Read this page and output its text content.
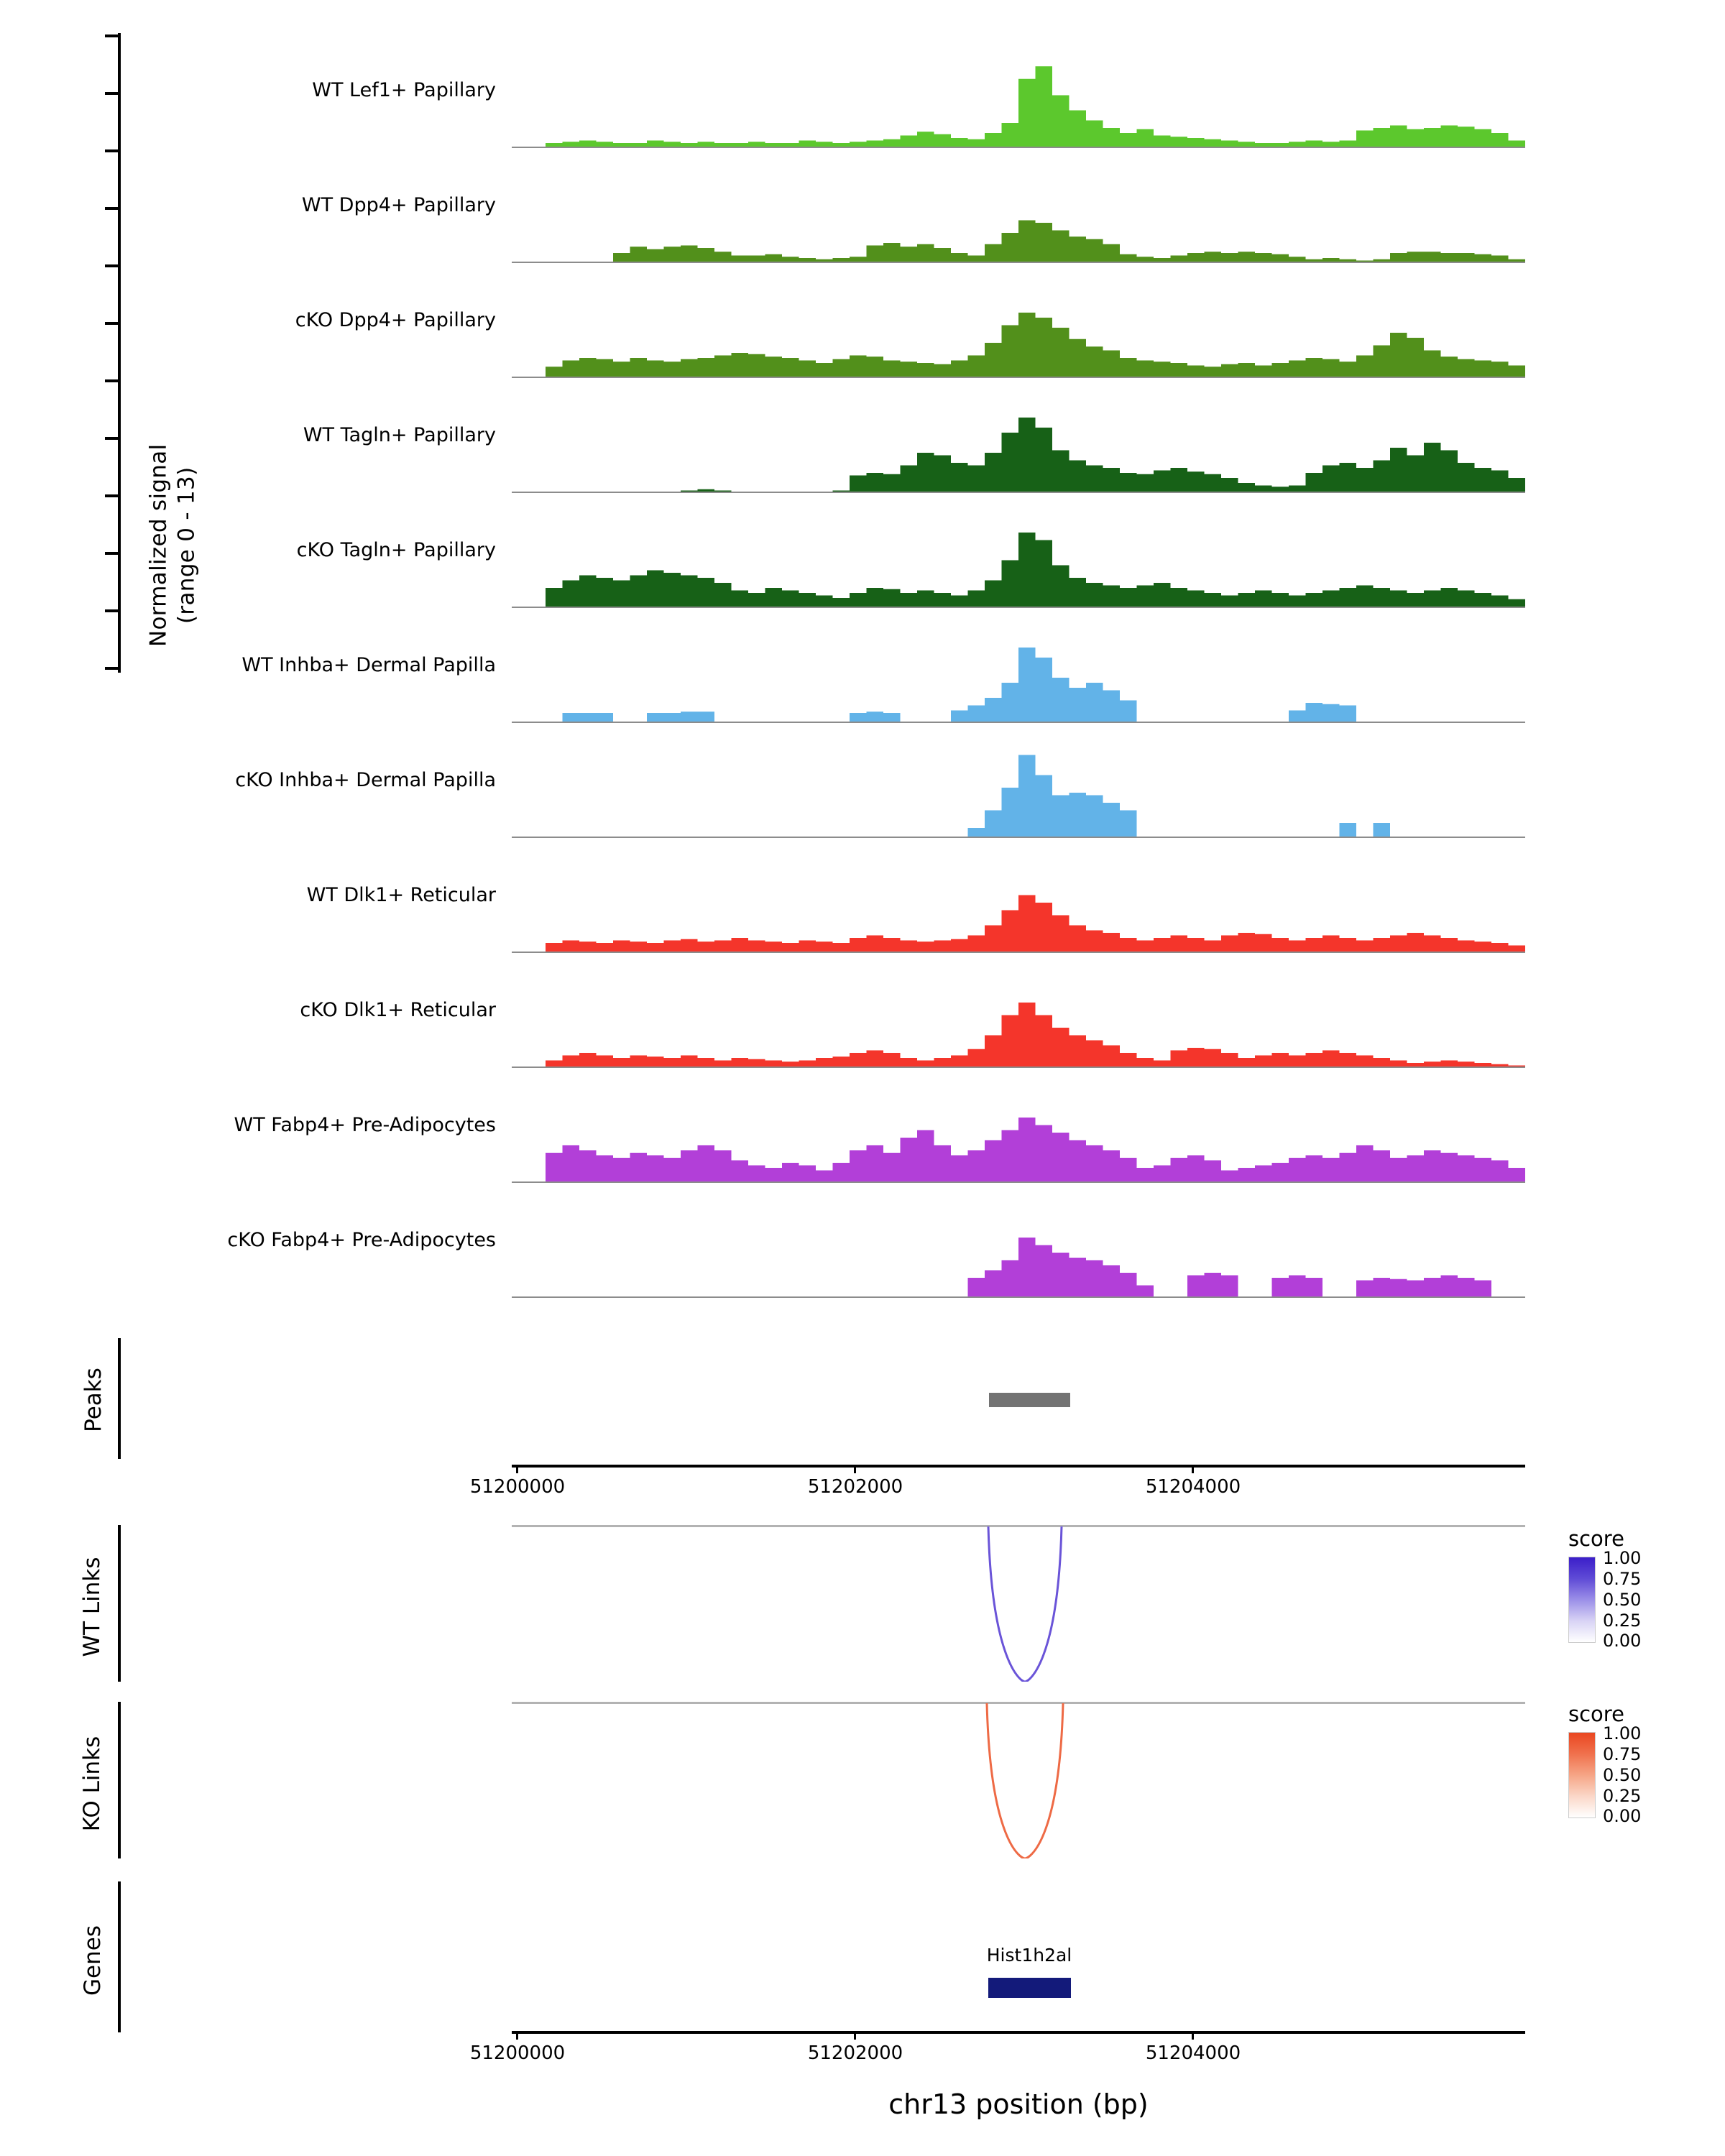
Normalized signal (range 0 - 13)
WT Lef1+ Papillary
WT Dpp4+ Papillary
cKO Dpp4+ Papillary
WT Tagln+ Papillary
cKO Tagln+ Papillary
WT Inhba+ Dermal Papilla
cKO Inhba+ Dermal Papilla
WT Dlk1+ Reticular
cKO Dlk1+ Reticular
WT Fabp4+ Pre-Adipocytes
cKO Fabp4+ Pre-Adipocytes
Peaks
51200000	51202000	51204000
WT Links
score
1.00
0.75
0.50
0.25
0.00
KO Links
score
1.00
0.75
0.50
0.25
0.00
Genes	Hist1h2al
51200000	51202000	51204000
chr13 position (bp)
